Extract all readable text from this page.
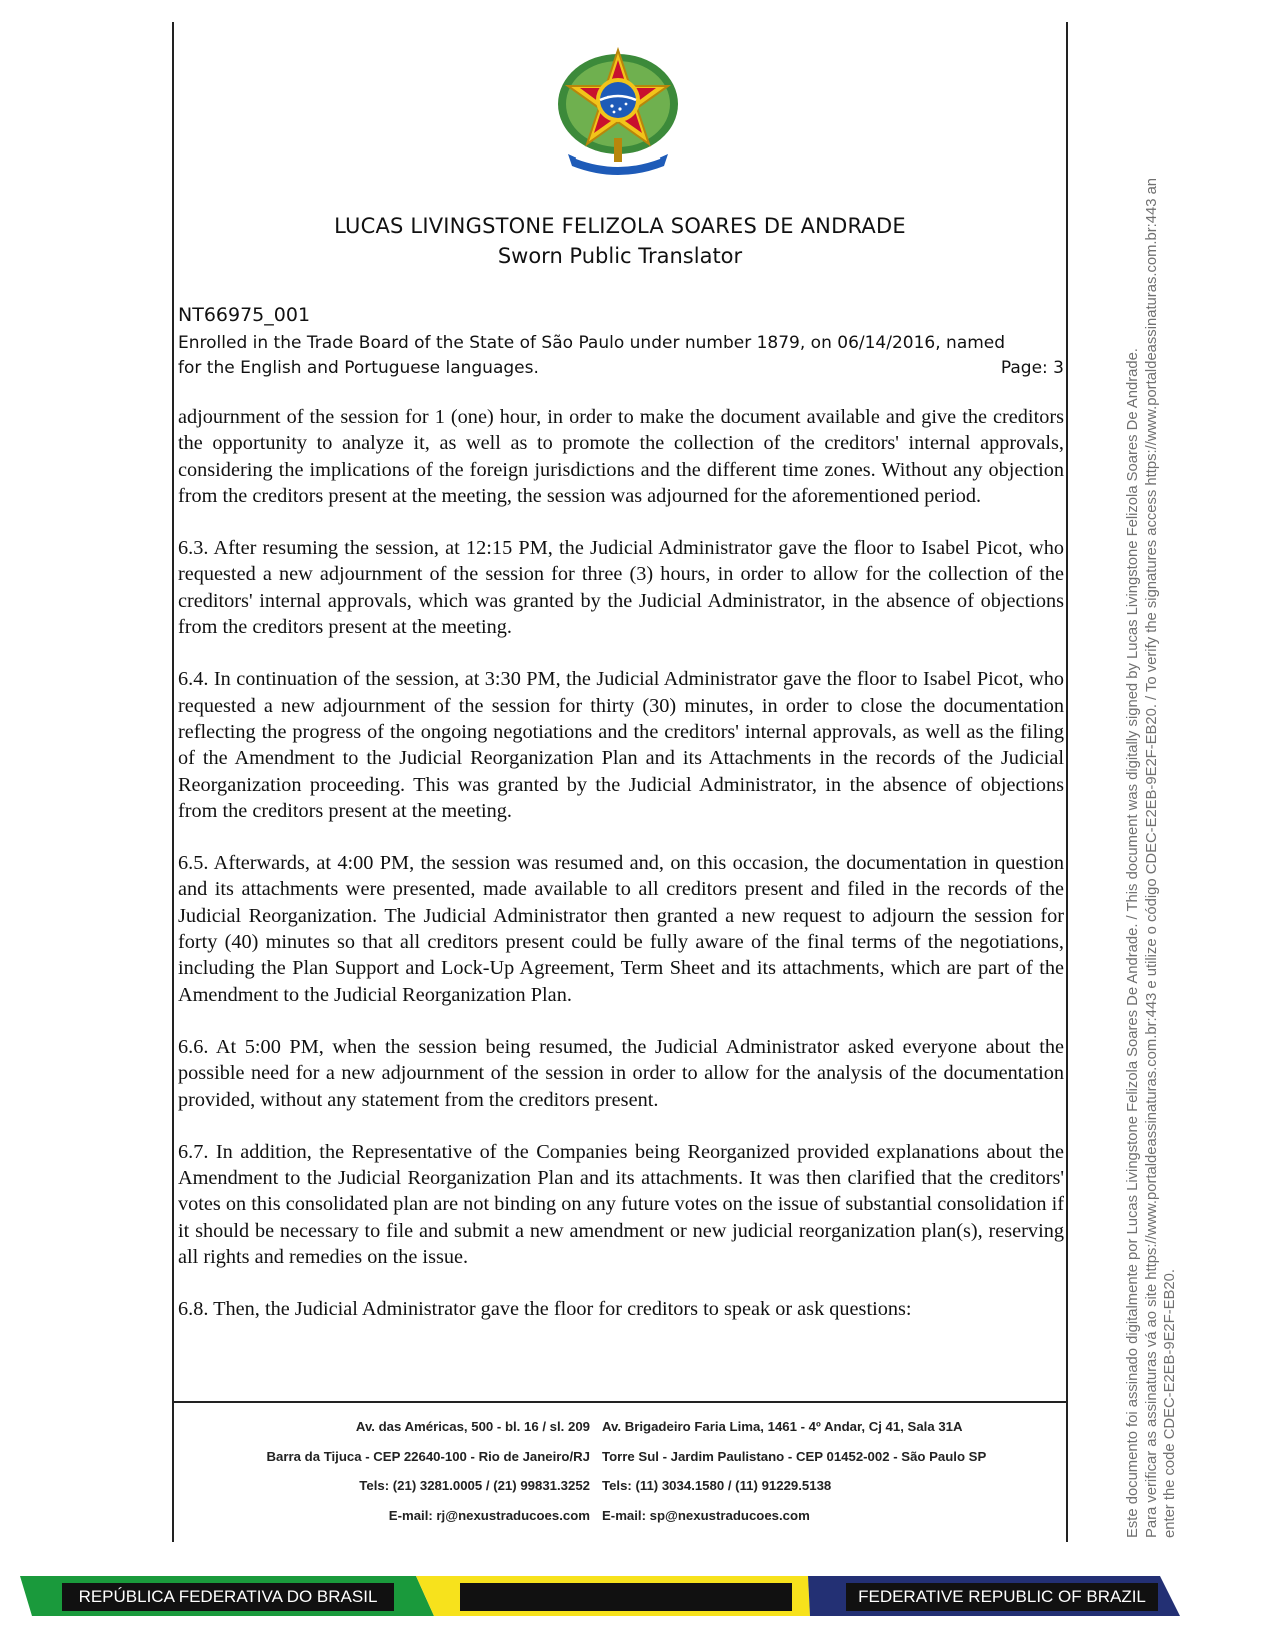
LUCAS LIVINGSTONE FELIZOLA SOARES DE ANDRADE
Sworn Public Translator
NT66975_001
Enrolled in the Trade Board of the State of São Paulo under number 1879, on 06/14/2016, named
for the English and Portuguese languages.	Page: 3

adjournment of the session for 1 (one) hour, in order to make the document available and give the creditors the opportunity to analyze it, as well as to promote the collection of the creditors' internal approvals, considering the implications of the foreign jurisdictions and the different time zones. Without any objection from the creditors present at the meeting, the session was adjourned for the aforementioned period.

6.3. After resuming the session, at 12:15 PM, the Judicial Administrator gave the floor to Isabel Picot, who requested a new adjournment of the session for three (3) hours, in order to allow for the collection of the creditors' internal approvals, which was granted by the Judicial Administrator, in the absence of objections from the creditors present at the meeting.

6.4. In continuation of the session, at 3:30 PM, the Judicial Administrator gave the floor to Isabel Picot, who requested a new adjournment of the session for thirty (30) minutes, in order to close the documentation reflecting the progress of the ongoing negotiations and the creditors' internal approvals, as well as the filing of the Amendment to the Judicial Reorganization Plan and its Attachments in the records of the Judicial Reorganization proceeding. This was granted by the Judicial Administrator, in the absence of objections from the creditors present at the meeting.

6.5. Afterwards, at 4:00 PM, the session was resumed and, on this occasion, the documentation in question and its attachments were presented, made available to all creditors present and filed in the records of the Judicial Reorganization. The Judicial Administrator then granted a new request to adjourn the session for forty (40) minutes so that all creditors present could be fully aware of the final terms of the negotiations, including the Plan Support and Lock-Up Agreement, Term Sheet and its attachments, which are part of the Amendment to the Judicial Reorganization Plan.

6.6. At 5:00 PM, when the session being resumed, the Judicial Administrator asked everyone about the possible need for a new adjournment of the session in order to allow for the analysis of the documentation provided, without any statement from the creditors present.

6.7. In addition, the Representative of the Companies being Reorganized provided explanations about the Amendment to the Judicial Reorganization Plan and its attachments. It was then clarified that the creditors' votes on this consolidated plan are not binding on any future votes on the issue of substantial consolidation if it should be necessary to file and submit a new amendment or new judicial reorganization plan(s), reserving all rights and remedies on the issue.

6.8. Then, the Judicial Administrator gave the floor for creditors to speak or ask questions:

Av. das Américas, 500 - bl. 16 / sl. 209
Barra da Tijuca - CEP 22640-100 - Rio de Janeiro/RJ
Tels: (21) 3281.0005 / (21) 99831.3252
E-mail: rj@nexustraducoes.com
Av. Brigadeiro Faria Lima, 1461 - 4º Andar, Cj 41, Sala 31A
Torre Sul - Jardim Paulistano - CEP 01452-002 - São Paulo SP
Tels: (11) 3034.1580 / (11) 91229.5138
E-mail: sp@nexustraducoes.com	Este documento foi assinado digitalmente por Lucas Livingstone Felizola Soares De Andrade. / This document was digitally signed by Lucas Livingstone Felizola Soares De Andrade. Para verificar as assinaturas vá ao site https://www.portaldeassinaturas.com.br:443 e utilize o código CDEC-E2EB-9E2F-EB20. / To verify the signatures access https://www.portaldeassinaturas.com.br:443 an enter the code CDEC-E2EB-9E2F-EB20.
REPÚBLICA FEDERATIVA DO BRASIL	FEDERATIVE REPUBLIC OF BRAZIL
